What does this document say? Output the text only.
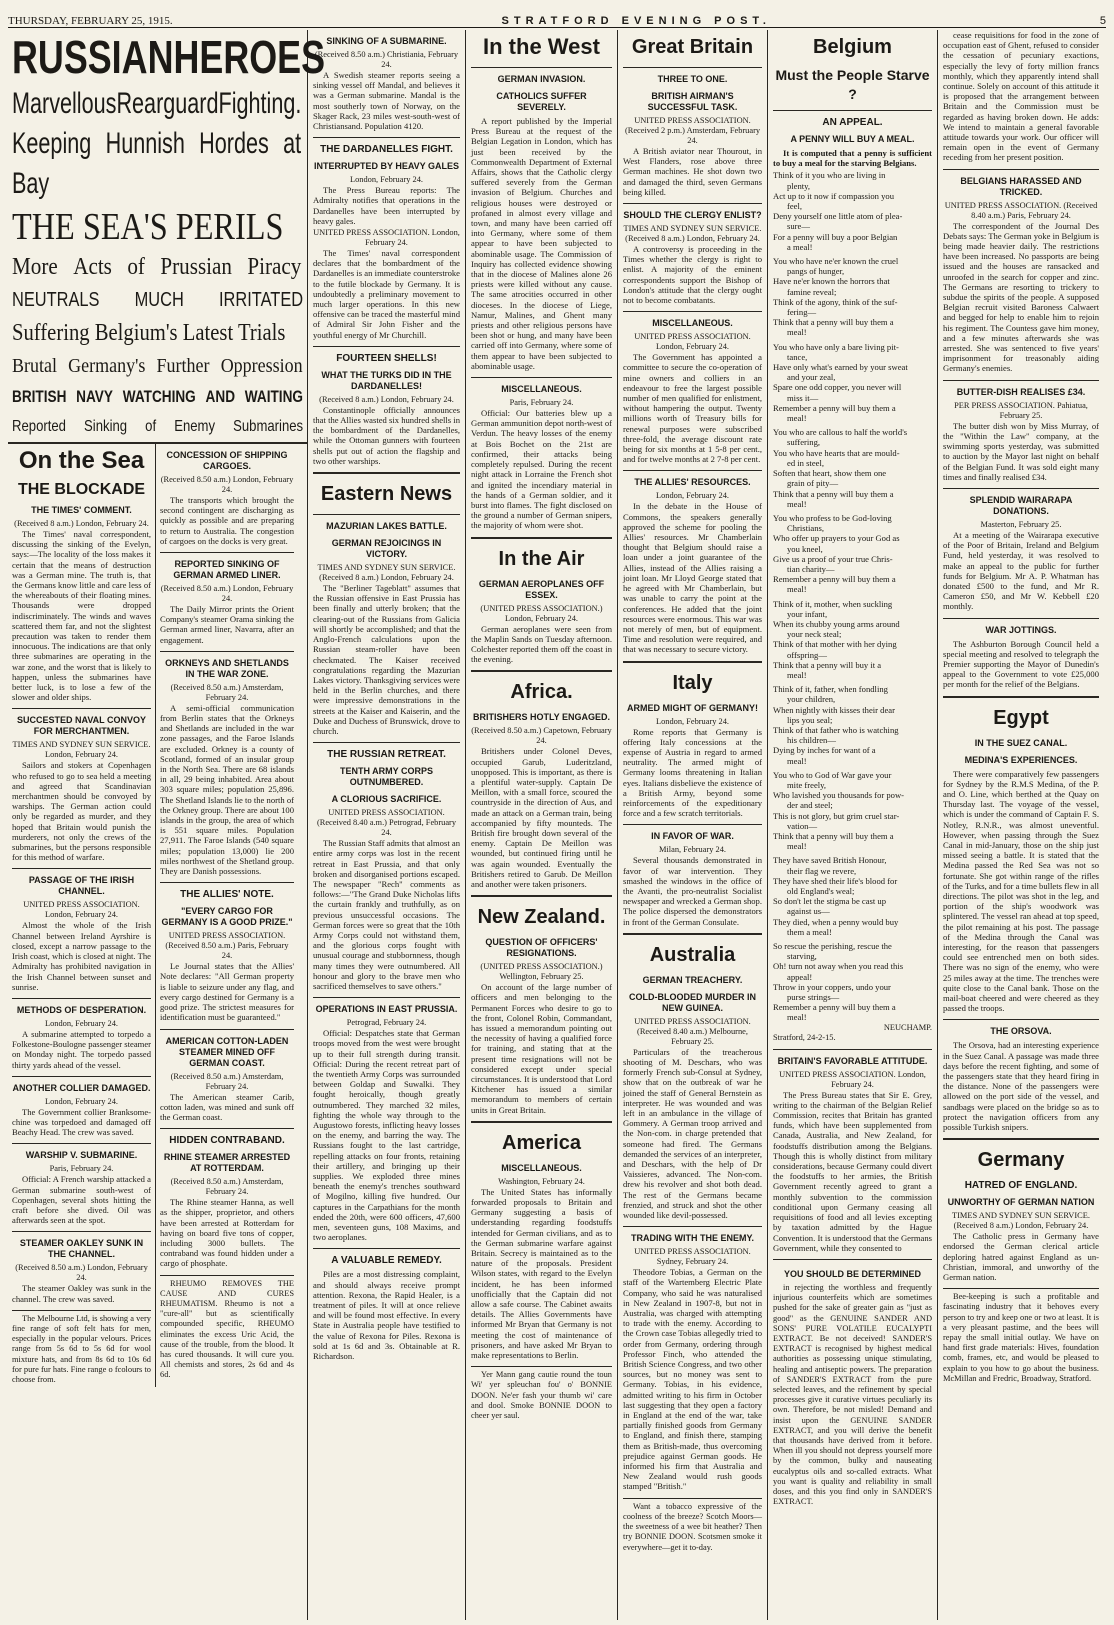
THURSDAY, FEBRUARY 25, 1915.	STRATFORD EVENING POST.	5
RUSSIAN HEROES
Marvellous Rearguard Fighting.
Keeping Hunnish Hordes at Bay
THE SEA'S PERILS
More Acts of Prussian Piracy
NEUTRALS MUCH IRRITATED
Suffering Belgium's Latest Trials
Brutal Germany's Further Oppression
BRITISH NAVY WATCHING AND WAITING
Reported Sinking of Enemy Submarines
On the Sea
THE BLOCKADE
THE TIMES' COMMENT.
(Received 8 a.m.) London, February 24.

The Times' naval correspondent, discussing the sinking of the Evelyn, says:—The locality of the loss makes it certain that the means of destruction was a German mine. The truth is, that the Germans know little and care less of the whereabouts of their floating mines. Thousands were dropped indiscriminately. The winds and waves scattered them far, and not the slightest precaution was taken to render them innocuous. The indications are that only three submarines are operating in the war zone, and the worst that is likely to happen, unless the submarines have better luck, is to lose a few of the slower and older ships.

SUCCESTED NAVAL CONVOY FOR MERCHANTMEN.
TIMES AND SYDNEY SUN SERVICE. London, February 24.

Sailors and stokers at Copenhagen who refused to go to sea held a meeting and agreed that Scandinavian merchantmen should be convoyed by warships. The German action could only be regarded as murder, and they hoped that Britain would punish the murderers, not only the crews of the submarines, but the persons responsible for this method of warfare.

PASSAGE OF THE IRISH CHANNEL.
UNITED PRESS ASSOCIATION. London, February 24.

Almost the whole of the Irish Channel between Ireland Ayrshire is closed, except a narrow passage to the Irish coast, which is closed at night. The Admiralty has prohibited navigation in the Irish Channel between sunset and sunrise.

METHODS OF DESPERATION.
London, February 24.

A submarine attempted to torpedo a Folkestone-Boulogne passenger steamer on Monday night. The torpedo passed thirty yards ahead of the vessel.

ANOTHER COLLIER DAMAGED.
London, February 24.

The Government collier Branksome-chine was torpedoed and damaged off Beachy Head. The crew was saved.

WARSHIP V. SUBMARINE.
Paris, February 24.

Official: A French warship attacked a German submarine south-west of Copenhagen, several shots hitting the craft before she dived. Oil was afterwards seen at the spot.

STEAMER OAKLEY SUNK IN THE CHANNEL.
(Received 8.50 a.m.) London, February 24.

The steamer Oakley was sunk in the channel. The crew was saved.

The Melbourne Ltd, is showing a very fine range of soft felt hats for men, especially in the popular velours. Prices range from 5s 6d to 5s 6d for wool mixture hats, and from 8s 6d to 10s 6d for pure fur hats. Fine range o fcolours to choose from.

CONCESSION OF SHIPPING CARGOES.
(Received 8.50 a.m.) London, February 24.

The transports which brought the second contingent are discharging as quickly as possible and are preparing to return to Australia. The congestion of cargoes on the docks is very great.

REPORTED SINKING OF GERMAN ARMED LINER.
(Received 8.50 a.m.) London, February 24.

The Daily Mirror prints the Orient Company's steamer Orama sinking the German armed liner, Navarra, after an engagement.

ORKNEYS AND SHETLANDS IN THE WAR ZONE.
(Received 8.50 a.m.) Amsterdam, February 24.

A semi-official communication from Berlin states that the Orkneys and Shetlands are included in the war zone passages, and the Faroe Islands are excluded. Orkney is a county of Scotland, formed of an insular group in the North Sea. There are 68 islands in all, 29 being inhabited. Area about 303 square miles; population 25,896. The Shetland Islands lie to the north of the Orkney group. There are about 100 islands in the group, the area of which is 551 square miles. Population 27,911. The Faroe Islands (540 square miles; population 13,000) lie 200 miles northwest of the Shetland group. They are Danish possessions.

THE ALLIES' NOTE.
"EVERY CARGO FOR GERMANY IS A GOOD PRIZE."
UNITED PRESS ASSOCIATION. (Received 8.50 a.m.) Paris, February 24.

Le Journal states that the Allies' Note declares: "All German property is liable to seizure under any flag, and every cargo destined for Germany is a good prize. The strictest measures for identification must be guaranteed."

AMERICAN COTTON-LADEN STEAMER MINED OFF GERMAN COAST.
(Received 8.50 a.m.) Amsterdam, February 24.

The American steamer Carib, cotton laden, was mined and sunk off the German coast.

HIDDEN CONTRABAND.
RHINE STEAMER ARRESTED AT ROTTERDAM.
(Received 8.50 a.m.) Amsterdam, February 24.

The Rhine steamer Hanna, as well as the shipper, proprietor, and others have been arrested at Rotterdam for having on board five tons of copper, including 3000 bullets. The contraband was found hidden under a cargo of phosphate.

RHEUMO REMOVES THE CAUSE AND CURES RHEUMATISM. Rheumo is not a "cure-all" but as scientifically compounded specific, RHEUMO eliminates the excess Uric Acid, the cause of the trouble, from the blood. It has cured thousands. It will cure you. All chemists and stores, 2s 6d and 4s 6d.

SINKING OF A SUBMARINE.
(Received 8.50 a.m.) Christiania, February 24.

A Swedish steamer reports seeing a sinking vessel off Mandal, and believes it was a German submarine. Mandal is the most southerly town of Norway, on the Skager Rack, 23 miles west-south-west of Christiansand. Population 4120.

THE DARDANELLES FIGHT.
INTERRUPTED BY HEAVY GALES
London, February 24.

The Press Bureau reports: The Admiralty notifies that operations in the Dardanelles have been interrupted by heavy gales.

UNITED PRESS ASSOCIATION. London, February 24.

The Times' naval correspondent declares that the bombardment of the Dardanelles is an immediate counterstroke to the futile blockade by Germany. It is undoubtedly a preliminary movement to much larger operations. In this new offensive can be traced the masterful mind of Admiral Sir John Fisher and the youthful energy of Mr Churchill.

FOURTEEN SHELLS!
WHAT THE TURKS DID IN THE DARDANELLES!
(Received 8 a.m.) London, February 24.

Constantinople officially announces that the Allies wasted six hundred shells in the bombardment of the Dardanelles, while the Ottoman gunners with fourteen shells put out of action the flagship and two other warships.

Eastern News
MAZURIAN LAKES BATTLE.
GERMAN REJOICINGS IN VICTORY.
TIMES AND SYDNEY SUN SERVICE. (Received 8 a.m.) London, February 24.

The "Berliner Tageblatt" assumes that the Russian offensive in East Prussia has been finally and utterly broken; that the clearing-out of the Russians from Galicia will shortly be accomplished; and that the Anglo-French calculations upon the Russian steam-roller have been checkmated. The Kaiser received congratulations regarding the Mazurian Lakes victory. Thanksgiving services were held in the Berlin churches, and there were impressive demonstrations in the streets at the Kaiser and Kaiserin, and the Duke and Duchess of Brunswick, drove to church.

THE RUSSIAN RETREAT.
TENTH ARMY CORPS OUTNUMBERED.
A CLORIOUS SACRIFICE.
UNITED PRESS ASSOCIATION. (Received 8.40 a.m.) Petrograd, February 24.

The Russian Staff admits that almost an entire army corps was lost in the recent retreat in East Prussia, and that only broken and disorganised portions escaped. The newspaper "Rech" comments as follows:—"The Grand Duke Nicholas lifts the curtain frankly and truthfully, as on previous unsuccessful occasions. The German forces were so great that the 10th Army Corps could not withstand them, and the glorious corps fought with unusual courage and stubbornness, though many times they were outnumbered. All honour and glory to the brave men who sacrificed themselves to save others."

OPERATIONS IN EAST PRUSSIA.
Petrograd, February 24.

Official: Despatches state that German troops moved from the west were brought up to their full strength during transit. Official: During the recent retreat part of the twentieth Army Corps was surrounded between Goldap and Suwalki. They fought heroically, though greatly outnumbered. They marched 32 miles, fighting the whole way through to the Augustowo forests, inflicting heavy losses on the enemy, and barring the way. The Russians fought to the last cartridge, repelling attacks on four fronts, retaining their artillery, and bringing up their supplies. We exploded three mines beneath the enemy's trenches southward of Mogilno, killing five hundred. Our captures in the Carpathians for the month ended the 20th, were 600 officers, 47,600 men, seventeen guns, 108 Maxims, and two aeroplanes.

A VALUABLE REMEDY.

Piles are a most distressing complaint, and should always receive prompt attention. Rexona, the Rapid Healer, is a treatment of piles. It will at once relieve and will be found most effective. In every State in Australia people have testified to the value of Rexona for Piles. Rexona is sold at 1s 6d and 3s. Obtainable at R. Richardson.

In the West
GERMAN INVASION.
CATHOLICS SUFFER SEVERELY.

A report published by the Imperial Press Bureau at the request of the Belgian Legation in London, which has just been received by the Commonwealth Department of External Affairs, shows that the Catholic clergy suffered severely from the German invasion of Belgium. Churches and religious houses were destroyed or profaned in almost every village and town, and many have been carried off into Germany, where some of them appear to have been subjected to abominable usage. The Commission of Inquiry has collected evidence showing that in the diocese of Malines alone 26 priests were killed without any cause. The same atrocities occurred in other dioceses. In the diocese of Liege, Namur, Malines, and Ghent many priests and other religious persons have been shot or hung, and many have been carried off into Germany, where some of them appear to have been subjected to abominable usage.

MISCELLANEOUS.
Paris, February 24.

Official: Our batteries blew up a German ammunition depot north-west of Verdun. The heavy losses of the enemy at Bois Bochet on the 21st are confirmed, their attacks being completely repulsed. During the recent night attack in Lorraine the French shot and ignited the incendiary material in the hands of a German soldier, and it burst into flames. The fight disclosed on the ground a number of German snipers, the majority of whom were shot.

In the Air
GERMAN AEROPLANES OFF ESSEX.
(UNITED PRESS ASSOCIATION.) London, February 24.

German aeroplanes were seen from the Maplin Sands on Tuesday afternoon. Colchester reported them off the coast in the evening.

Africa.
BRITISHERS HOTLY ENGAGED.
(Received 8.50 a.m.) Capetown, February 24.

Britishers under Colonel Deves, occupied Garub, Luderitzland, unopposed. This is important, as there is a plentiful water-supply. Captain De Meillon, with a small force, scoured the countryside in the direction of Aus, and made an attack on a German train, being accompanied by fifty mounteds. The British fire brought down several of the enemy. Captain De Meillon was wounded, but continued firing until he was again wounded. Eventually the Britishers retired to Garub. De Meillon and another were taken prisoners.

New Zealand.
QUESTION OF OFFICERS' RESIGNATIONS.
(UNITED PRESS ASSOCIATION.) Wellington, February 25.

On account of the large number of officers and men belonging to the Permanent Forces who desire to go to the front, Colonel Robin, Commandant, has issued a memorandum pointing out the necessity of having a qualified force for training, and stating that at the present time resignations will not be considered except under special circumstances. It is understood that Lord Kitchener has issued a similar memorandum to members of certain units in Great Britain.

America
MISCELLANEOUS.
Washington, February 24.

The United States has informally forwarded proposals to Britain and Germany suggesting a basis of understanding regarding foodstuffs intended for German civilians, and as to the German submarine warfare against Britain. Secrecy is maintained as to the nature of the proposals. President Wilson states, with regard to the Evelyn incident, he has been informed unofficially that the Captain did not allow a safe course. The Cabinet awaits details. The Allies Governments have informed Mr Bryan that Germany is not meeting the cost of maintenance of prisoners, and have asked Mr Bryan to make representations to Berlin.

Yer Mann gang cautie round the toun Wi' yer spleuchan fou' o' BONNIE DOON. Ne'er fash your thumb wi' care and dool. Smoke BONNIE DOON to cheer yer saul.

Great Britain
THREE TO ONE.
BRITISH AIRMAN'S SUCCESSFUL TASK.
UNITED PRESS ASSOCIATION. (Received 2 p.m.) Amsterdam, February 24.

A British aviator near Thourout, in West Flanders, rose above three German machines. He shot down two and damaged the third, seven Germans being killed.

SHOULD THE CLERGY ENLIST?
TIMES AND SYDNEY SUN SERVICE. (Received 8 a.m.) London, February 24.

A controversy is proceeding in the Times whether the clergy is right to enlist. A majority of the eminent correspondents support the Bishop of London's attitude that the clergy ought not to become combatants.

MISCELLANEOUS.
UNITED PRESS ASSOCIATION. London, February 24.

The Government has appointed a committee to secure the co-operation of mine owners and colliers in an endeavour to free the largest possible number of men qualified for enlistment, without hampering the output. Twenty millions worth of Treasury bills for renewal purposes were subscribed three-fold, the average discount rate being for six months at 1 5-8 per cent., and for twelve months at 2 7-8 per cent.

THE ALLIES' RESOURCES.
London, February 24.

In the debate in the House of Commons, the speakers generally approved the scheme for pooling the Allies' resources. Mr Chamberlain thought that Belgium should raise a loan under a joint guarantee of the Allies, instead of the Allies raising a joint loan. Mr Lloyd George stated that he agreed with Mr Chamberlain, but was unable to carry the point at the conferences. He added that the joint resources were enormous. This war was not merely of men, but of equipment. Time and resolution were required, and that was necessary to secure victory.

Italy
ARMED MIGHT OF GERMANY!
London, February 24.

Rome reports that Germany is offering Italy concessions at the expense of Austria in regard to armed neutrality. The armed might of Germany looms threatening in Italian eyes. Italians disbelieve the existence of a British Army, beyond some reinforcements of the expeditionary force and a few scratch territorials.

IN FAVOR OF WAR.
Milan, February 24.

Several thousands demonstrated in favor of war intervention. They smashed the windows in the office of the Avanti, the pro-neutralist Socialist newspaper and wrecked a German shop. The police dispersed the demonstrators in front of the German Consulate.

Australia
GERMAN TREACHERY.
COLD-BLOODED MURDER IN NEW GUINEA.
UNITED PRESS ASSOCIATION. (Received 8.40 a.m.) Melbourne, February 25.

Particulars of the treacherous shooting of M. Deschars, who was formerly French sub-Consul at Sydney, show that on the outbreak of war he joined the staff of General Bernstein as interpreter. He was wounded and was left in an ambulance in the village of Gommery. A German troop arrived and the Non-com. in charge pretended that someone had fired. The Germans demanded the services of an interpreter, and Deschars, with the help of Dr Vaissieres, advanced. The Non-com. drew his revolver and shot both dead. The rest of the Germans became frenzied, and struck and shot the other wounded like devil-possessed.

TRADING WITH THE ENEMY.
UNITED PRESS ASSOCIATION. Sydney, February 24.

Theodore Tobias, a German on the staff of the Wartemberg Electric Plate Company, who said he was naturalised in New Zealand in 1907-8, but not in Australia, was charged with attempting to trade with the enemy. According to the Crown case Tobias allegedly tried to order from Germany, ordering through Professor Finch, who attended the British Science Congress, and two other sources, but no money was sent to Germany. Tobias, in his evidence, admitted writing to his firm in October last suggesting that they open a factory in England at the end of the war, take partially finished goods from Germany to England, and finish there, stamping them as British-made, thus overcoming prejudice against German goods. He informed his firm that Australia and New Zealand would rush goods stamped "British."

Want a tobacco expressive of the coolness of the breeze? Scotch Moors—the sweetness of a wee bit heather? Then try BONNIE DOON. Scotsmen smoke it everywhere—get it to-day.

Belgium
Must the People Starve ?
AN APPEAL.
A PENNY WILL BUY A MEAL.

It is computed that a penny is sufficient to buy a meal for the starving Belgians.

Think of it you who are living in

plenty,

Act up to it now if compassion you

feel,

Deny yourself one little atom of plea-

sure—

For a penny will buy a poor Belgian

a meal!

You who have ne'er known the cruel

pangs of hunger,

Have ne'er known the horrors that

famine reveal;

Think of the agony, think of the suf-

fering—

Think that a penny will buy them a

meal!

You who have only a bare living pit-

tance,

Have only what's earned by your sweat

and your zeal,

Spare one odd copper, you never will

miss it—

Remember a penny will buy them a

meal!

You who are callous to half the world's

suffering,

You who have hearts that are mould-

ed in steel,

Soften that heart, show them one

grain of pity—

Think that a penny will buy them a

meal!

You who profess to be God-loving

Christians,

Who offer up prayers to your God as

you kneel,

Give us a proof of your true Chris-

tian charity—

Remember a penny will buy them a

meal!

Think of it, mother, when suckling

your infant,

When its chubby young arms around

your neck steal;

Think of that mother with her dying

offspring—

Think that a penny will buy it a

meal!

Think of it, father, when fondling

your children,

When nightly with kisses their dear

lips you seal;

Think of that father who is watching

his children—

Dying by inches for want of a

meal!

You who to God of War gave your

mite freely,

Who lavished you thousands for pow-

der and steel;

This is not glory, but grim cruel star-

vation—

Think that a penny will buy them a

meal!

They have saved British Honour,

their flag we revere,

They have shed their life's blood for

old England's weal;

So don't let the stigma be cast up

against us—

They died, when a penny would buy

them a meal!

So rescue the perishing, rescue the

starving,

Oh! turn not away when you read this

appeal!

Throw in your coppers, undo your

purse strings—

Remember a penny will buy them a

meal!

NEUCHAMP.
Stratford, 24-2-15.
BRITAIN'S FAVORABLE ATTITUDE.
UNITED PRESS ASSOCIATION. London, February 24.

The Press Bureau states that Sir E. Grey, writing to the chairman of the Belgian Relief Commission, recites that Britain has granted funds, which have been supplemented from Canada, Australia, and New Zealand, for foodstuffs distribution among the Belgians. Though this is wholly distinct from military considerations, because Germany could divert the foodstuffs to her armies, the British Government recently agreed to grant a monthly subvention to the commission conditional upon Germany ceasing all requisitions of food and all levies excepting by taxation admitted by the Hague Convention. It is understood that the Germans Government, while they consented to

YOU SHOULD BE DETERMINED

in rejecting the worthless and frequently injurious counterfeits which are sometimes pushed for the sake of greater gain as "just as good" as the GENUINE SANDER AND SONS' PURE VOLATILE EUCALYPTI EXTRACT. Be not deceived! SANDER'S EXTRACT is recognised by highest medical authorities as possessing unique stimulating, healing and antiseptic powers. The preparation of SANDER'S EXTRACT from the pure selected leaves, and the refinement by special processes give it curative virtues peculiarly its own. Therefore, be not misled! Demand and insist upon the GENUINE SANDER EXTRACT, and you will derive the benefit that thousands have derived from it before. When ill you should not depress yourself more by the common, bulky and nauseating eucalyptus oils and so-called extracts. What you want is quality and reliability in small doses, and this you find only in SANDER'S EXTRACT.

cease requisitions for food in the zone of occupation east of Ghent, refused to consider the cessation of pecuniary exactions, especially the levy of forty million francs monthly, which they apparently intend shall continue. Solely on account of this attitude it is proposed that the arrangement between Britain and the Commission must be regarded as having broken down. He adds: We intend to maintain a general favorable attitude towards your work. Our officer will remain open in the event of Germany receding from her present position.

BELGIANS HARASSED AND TRICKED.
UNITED PRESS ASSOCIATION. (Received 8.40 a.m.) Paris, February 24.

The correspondent of the Journal Des Debats says: The German yoke in Belgium is being made heavier daily. The restrictions have been increased. No passports are being issued and the houses are ransacked and unroofed in the search for copper and zinc. The Germans are resorting to trickery to subdue the spirits of the people. A supposed Belgian recruit visited Baroness Calwaert and begged for help to enable him to rejoin his regiment. The Countess gave him money, and a few minutes afterwards she was arrested. She was sentenced to five years' imprisonment for treasonably aiding Germany's enemies.

BUTTER-DISH REALISES £34.
PER PRESS ASSOCIATION. Pahiatua, February 25.

The butter dish won by Miss Murray, of the "Within the Law" company, at the swimming sports yesterday, was submitted to auction by the Mayor last night on behalf of the Belgian Fund. It was sold eight many times and finally realised £34.

SPLENDID WAIRARAPA DONATIONS.
Masterton, February 25.

At a meeting of the Wairarapa executive of the Poor of Britain, Ireland and Belgium Fund, held yesterday, it was resolved to make an appeal to the public for further funds for Belgium. Mr A. P. Whatman has donated £500 to the fund, and Mr R. Cameron £50, and Mr W. Kebbell £20 monthly.

WAR JOTTINGS.

The Ashburton Borough Council held a special meeting and resolved to telegraph the Premier supporting the Mayor of Dunedin's appeal to the Government to vote £25,000 per month for the relief of the Belgians.

Egypt
IN THE SUEZ CANAL.
MEDINA'S EXPERIENCES.

There were comparatively few passengers for Sydney by the R.M.S Medina, of the P. and O. Line, which berthed at the Quay on Thursday last. The voyage of the vessel, which is under the command of Captain F. S. Notley, R.N.R., was almost uneventful. However, when passing through the Suez Canal in mid-January, those on the ship just missed seeing a battle. It is stated that the Medina passed the Red Sea was not so fortunate. She got within range of the rifles of the Turks, and for a time bullets flew in all directions. The pilot was shot in the leg, and portion of the ship's woodwork was splintered. The vessel ran ahead at top speed, the pilot remaining at his post. The passage of the Medina through the Canal was interesting, for the reason that passengers could see entrenched men on both sides. There was no sign of the enemy, who were 25 miles away at the time. The trenches were quite close to the Canal bank. Those on the mail-boat cheered and were cheered as they passed the troops.

THE ORSOVA.

The Orsova, had an interesting experience in the Suez Canal. A passage was made three days before the recent fighting, and some of the passengers state that they heard firing in the distance. None of the passengers were allowed on the port side of the vessel, and sandbags were placed on the bridge so as to protect the navigation officers from any possible Turkish snipers.

Germany
HATRED OF ENGLAND.
UNWORTHY OF GERMAN NATION
TIMES AND SYDNEY SUN SERVICE. (Received 8 a.m.) London, February 24.

The Catholic press in Germany have endorsed the German clerical article deploring hatred against England as un-Christian, immoral, and unworthy of the German nation.

Bee-keeping is such a profitable and fascinating industry that it behoves every person to try and keep one or two at least. It is a very pleasant pastime, and the bees will repay the small initial outlay. We have on hand first grade materials: Hives, foundation comb, frames, etc, and would be pleased to explain to you how to go about the business. McMillan and Fredric, Broadway, Stratford.
